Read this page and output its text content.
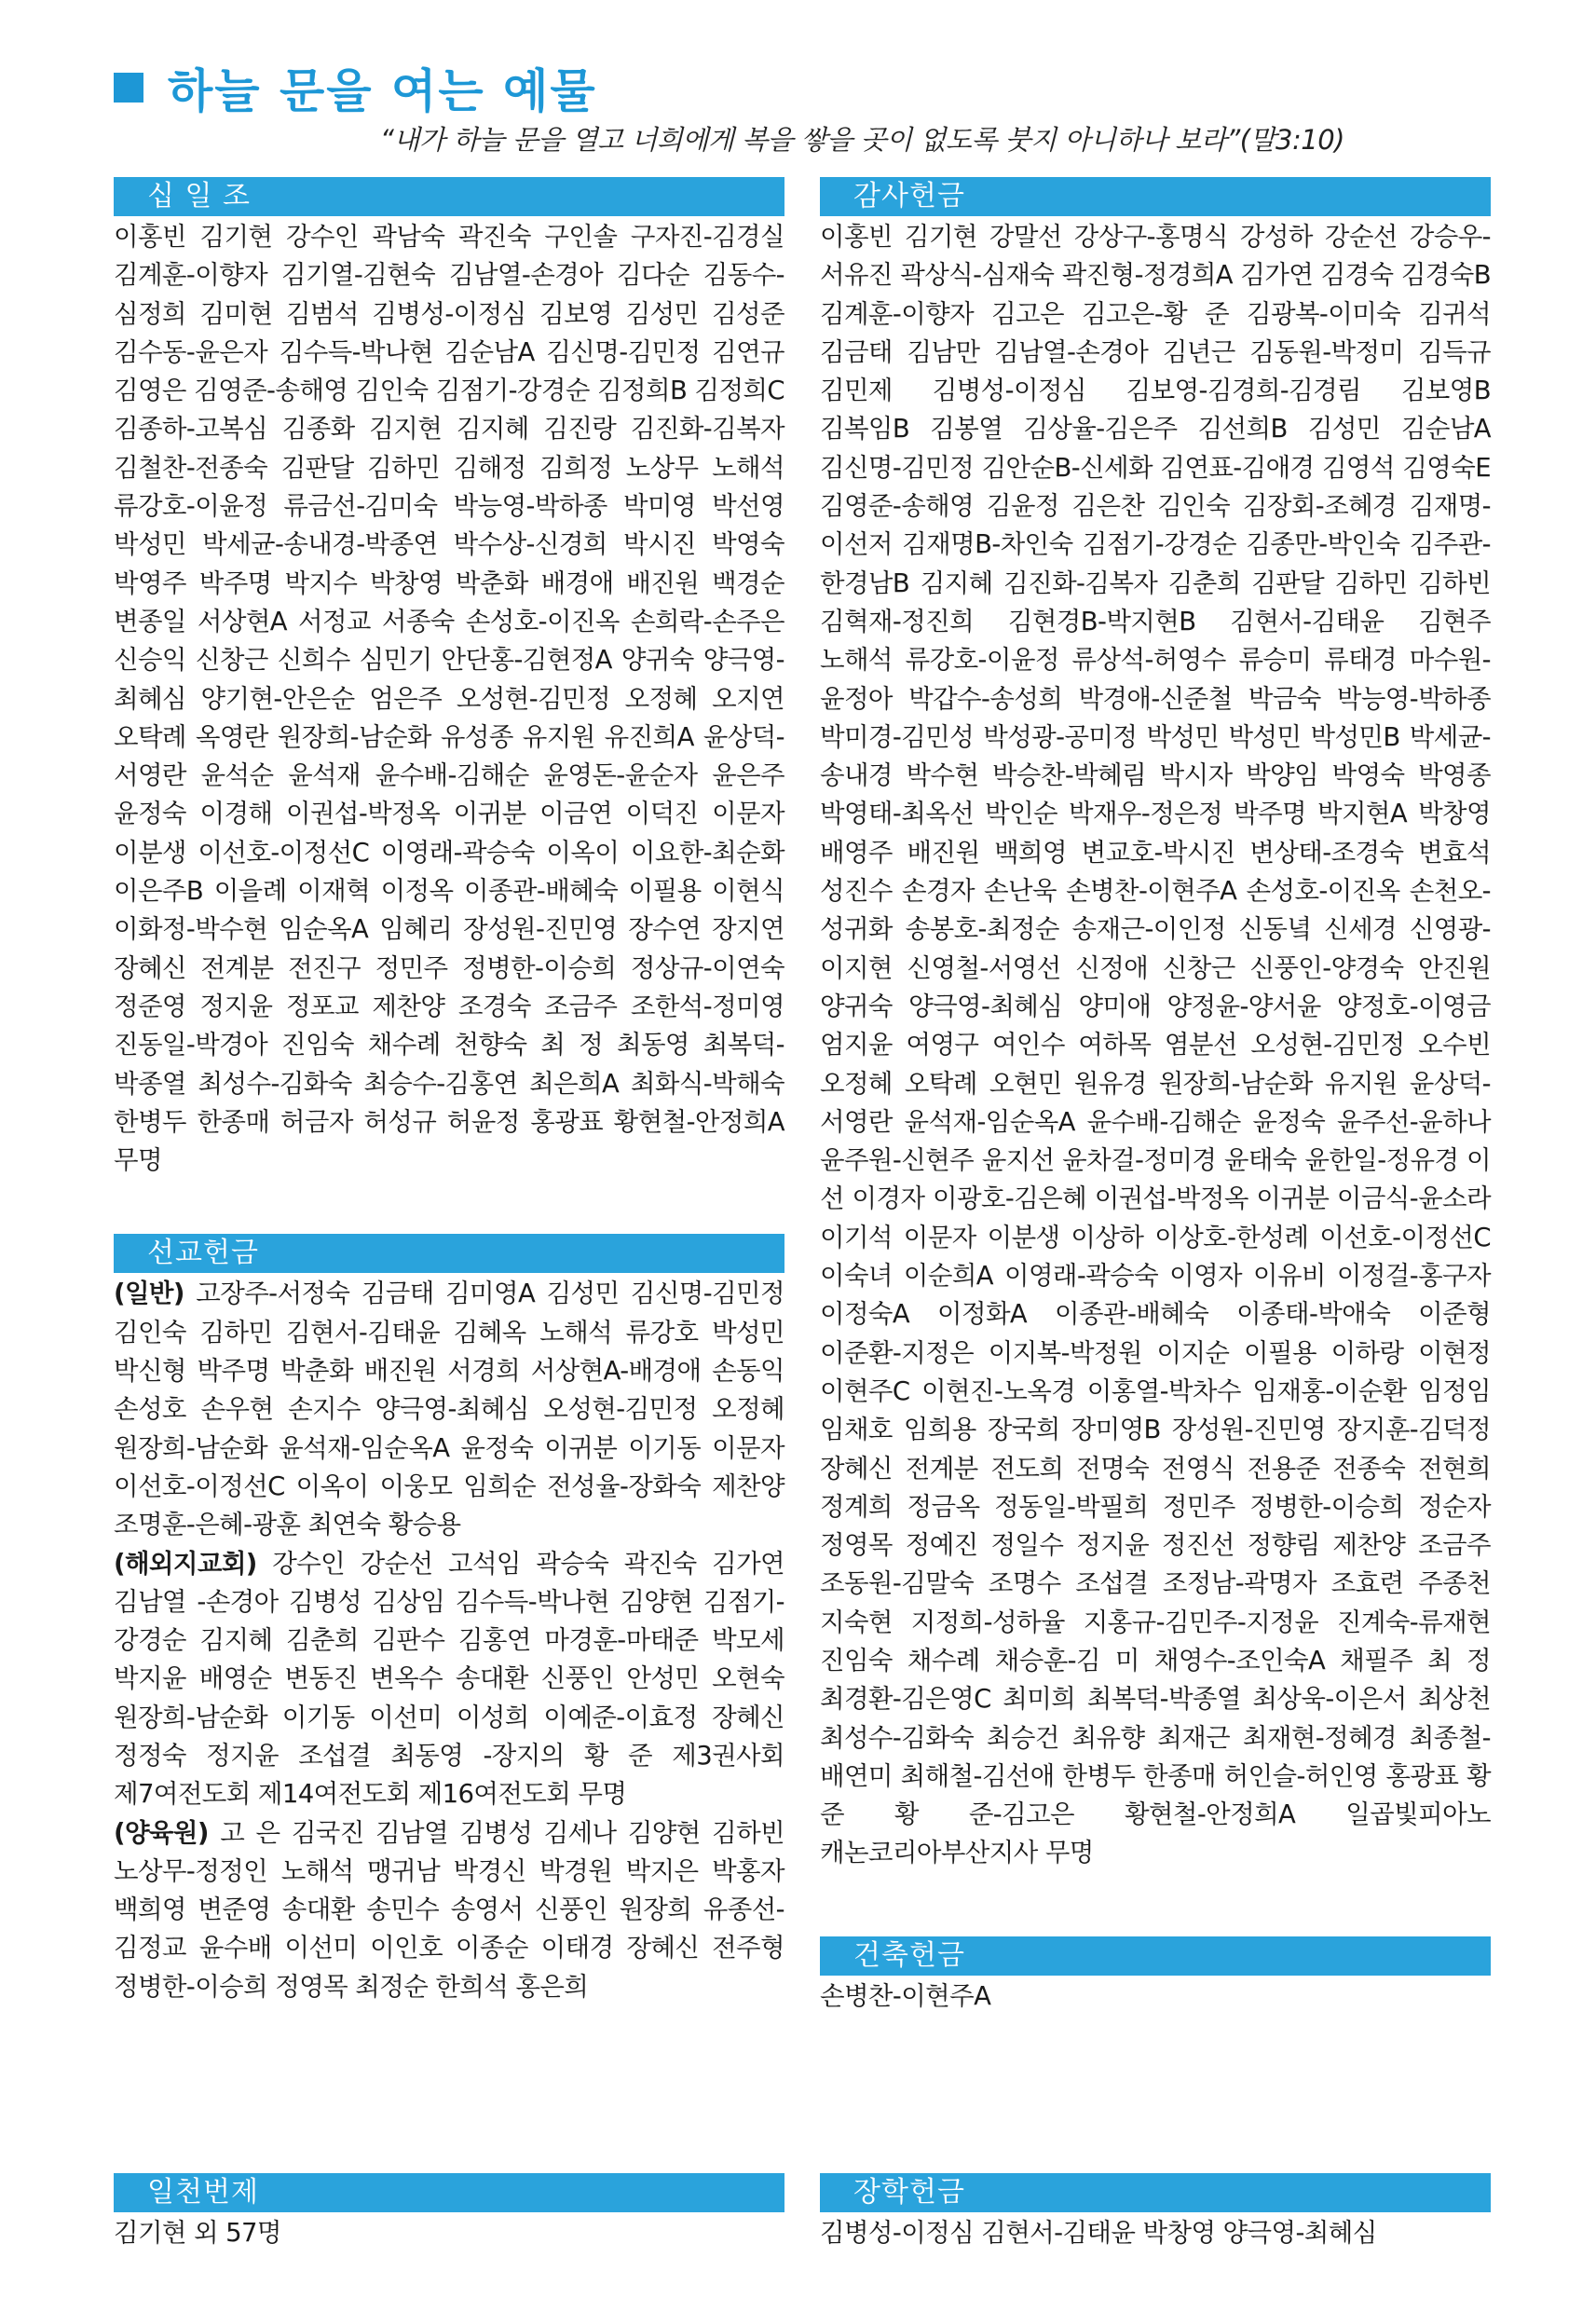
하늘 문을 여는 예물
“내가 하늘 문을 열고 너희에게 복을 쌓을 곳이 없도록 붓지 아니하나 보라”(말3:10)
십 일 조
이홍빈 김기현 강수인 곽남숙 곽진숙 구인솔 구자진-김경실 김계훈-이향자 김기열-김현숙 김남열-손경아 김다순 김동수-심정희 김미현 김범석 김병성-이정심 김보영 김성민 김성준 김수동-윤은자 김수득-박나현 김순남A 김신명-김민정 김연규 김영은 김영준-송해영 김인숙 김점기-강경순 김정희B 김정희C 김종하-고복심 김종화 김지현 김지혜 김진랑 김진화-김복자 김철찬-전종숙 김판달 김하민 김해정 김희정 노상무 노해석 류강호-이윤정 류금선-김미숙 박능영-박하종 박미영 박선영 박성민 박세균-송내경-박종연 박수상-신경희 박시진 박영숙 박영주 박주명 박지수 박창영 박춘화 배경애 배진원 백경순 변종일 서상현A 서정교 서종숙 손성호-이진옥 손희락-손주은 신승익 신창근 신희수 심민기 안단홍-김현정A 양귀숙 양극영-최혜심 양기현-안은순 엄은주 오성현-김민정 오정혜 오지연 오탁례 옥영란 원장희-남순화 유성종 유지원 유진희A 윤상덕-서영란 윤석순 윤석재 윤수배-김해순 윤영돈-윤순자 윤은주 윤정숙 이경해 이권섭-박정옥 이귀분 이금연 이덕진 이문자 이분생 이선호-이정선C 이영래-곽승숙 이옥이 이요한-최순화 이은주B 이을례 이재혁 이정옥 이종관-배혜숙 이필용 이현식 이화정-박수현 임순옥A 임혜리 장성원-진민영 장수연 장지연 장혜신 전계분 전진구 정민주 정병한-이승희 정상규-이연숙 정준영 정지윤 정포교 제찬양 조경숙 조금주 조한석-정미영 진동일-박경아 진임숙 채수례 천향숙 최 정 최동영 최복덕-박종열 최성수-김화숙 최승수-김홍연 최은희A 최화식-박해숙 한병두 한종매 허금자 허성규 허윤정 홍광표 황현철-안정희A 무명
선교헌금
(일반) 고장주-서정숙 김금태 김미영A 김성민 김신명-김민정 김인숙 김하민 김현서-김태윤 김혜옥 노해석 류강호 박성민 박신형 박주명 박춘화 배진원 서경희 서상현A-배경애 손동익 손성호 손우현 손지수 양극영-최혜심 오성현-김민정 오정혜 원장희-남순화 윤석재-임순옥A 윤정숙 이귀분 이기동 이문자 이선호-이정선C 이옥이 이웅모 임희순 전성율-장화숙 제찬양 조명훈-은혜-광훈 최연숙 황승용
(해외지교회) 강수인 강순선 고석임 곽승숙 곽진숙 김가연 김남열 -손경아 김병성 김상임 김수득-박나현 김양현 김점기-강경순 김지혜 김춘희 김판수 김홍연 마경훈-마태준 박모세 박지윤 배영순 변동진 변옥수 송대환 신풍인 안성민 오현숙 원장희-남순화 이기동 이선미 이성희 이예준-이효정 장혜신 정정숙 정지윤 조섭결 최동영 -장지의 황 준 제3권사회 제7여전도회 제14여전도회 제16여전도회 무명
(양육원) 고 은 김국진 김남열 김병성 김세나 김양현 김하빈 노상무-정정인 노해석 맹귀남 박경신 박경원 박지은 박홍자 백희영 변준영 송대환 송민수 송영서 신풍인 원장희 유종선-김정교 윤수배 이선미 이인호 이종순 이태경 장혜신 전주형 정병한-이승희 정영목 최정순 한희석 홍은희
감사헌금
이홍빈 김기현 강말선 강상구-홍명식 강성하 강순선 강승우-서유진 곽상식-심재숙 곽진형-정경희A 김가연 김경숙 김경숙B 김계훈-이향자 김고은 김고은-황 준 김광복-이미숙 김귀석 김금태 김남만 김남열-손경아 김년근 김동원-박정미 김득규 김민제 김병성-이정심 김보영-김경희-김경림 김보영B 김복임B 김봉열 김상율-김은주 김선희B 김성민 김순남A 김신명-김민정 김안순B-신세화 김연표-김애경 김영석 김영숙E 김영준-송해영 김윤정 김은찬 김인숙 김장회-조혜경 김재명-이선저 김재명B-차인숙 김점기-강경순 김종만-박인숙 김주관-한경남B 김지혜 김진화-김복자 김춘희 김판달 김하민 김하빈 김혁재-정진희 김현경B-박지현B 김현서-김태윤 김현주 노해석 류강호-이윤정 류상석-허영수 류승미 류태경 마수원-윤정아 박갑수-송성희 박경애-신준철 박금숙 박능영-박하종 박미경-김민성 박성광-공미정 박성민 박성민 박성민B 박세균-송내경 박수현 박승찬-박혜림 박시자 박양임 박영숙 박영종 박영태-최옥선 박인순 박재우-정은정 박주명 박지현A 박창영 배영주 배진원 백희영 변교호-박시진 변상태-조경숙 변효석 성진수 손경자 손난욱 손병찬-이현주A 손성호-이진옥 손천오-성귀화 송봉호-최정순 송재근-이인정 신동녘 신세경 신영광-이지현 신영철-서영선 신정애 신창근 신풍인-양경숙 안진원 양귀숙 양극영-최혜심 양미애 양정윤-양서윤 양정호-이영금 엄지윤 여영구 여인수 여하목 염분선 오성현-김민정 오수빈 오정혜 오탁례 오현민 원유경 원장희-남순화 유지원 윤상덕-서영란 윤석재-임순옥A 윤수배-김해순 윤정숙 윤주선-윤하나 윤주원-신현주 윤지선 윤차걸-정미경 윤태숙 윤한일-정유경 이 선 이경자 이광호-김은혜 이권섭-박정옥 이귀분 이금식-윤소라 이기석 이문자 이분생 이상하 이상호-한성례 이선호-이정선C 이숙녀 이순희A 이영래-곽승숙 이영자 이유비 이정걸-홍구자 이정숙A 이정화A 이종관-배혜숙 이종태-박애숙 이준형 이준환-지정은 이지복-박정원 이지순 이필용 이하랑 이현정 이현주C 이현진-노옥경 이홍열-박차수 임재홍-이순환 임정임 임채호 임희용 장국희 장미영B 장성원-진민영 장지훈-김덕정 장혜신 전계분 전도희 전명숙 전영식 전용준 전종숙 전현희 정계희 정금옥 정동일-박필희 정민주 정병한-이승희 정순자 정영목 정예진 정일수 정지윤 정진선 정향림 제찬양 조금주 조동원-김말숙 조명수 조섭결 조정남-곽명자 조효련 주종천 지숙현 지정희-성하율 지홍규-김민주-지정윤 진계숙-류재현 진임숙 채수례 채승훈-김 미 채영수-조인숙A 채필주 최 정 최경환-김은영C 최미희 최복덕-박종열 최상욱-이은서 최상천 최성수-김화숙 최승건 최유향 최재근 최재현-정혜경 최종철-배연미 최해철-김선애 한병두 한종매 허인슬-허인영 홍광표 황 준 황 준-김고은 황현철-안정희A 일곱빛피아노 캐논코리아부산지사 무명
건축헌금
손병찬-이현주A
일천번제
김기현 외 57명
장학헌금
김병성-이정심 김현서-김태윤 박창영 양극영-최혜심
